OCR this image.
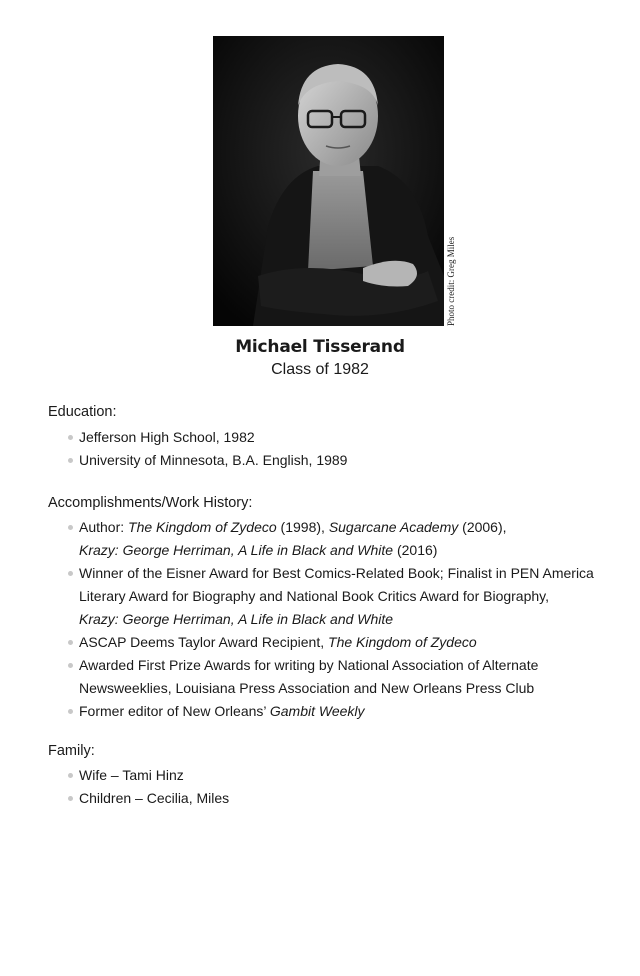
Photo credit: Greg Miles
Michael Tisserand
Class of 1982
Education:
Jefferson High School, 1982
University of Minnesota, B.A. English, 1989
Accomplishments/Work History:
Author: The Kingdom of Zydeco (1998), Sugarcane Academy (2006),
Krazy: George Herriman, A Life in Black and White (2016)
Winner of the Eisner Award for Best Comics-Related Book; Finalist in PEN America
Literary Award for Biography and National Book Critics Award for Biography,
Krazy: George Herriman, A Life in Black and White
ASCAP Deems Taylor Award Recipient, The Kingdom of Zydeco
Awarded First Prize Awards for writing by National Association of Alternate
Newsweeklies, Louisiana Press Association and New Orleans Press Club
Former editor of New Orleans’ Gambit Weekly
Family:
Wife – Tami Hinz
Children – Cecilia, Miles
